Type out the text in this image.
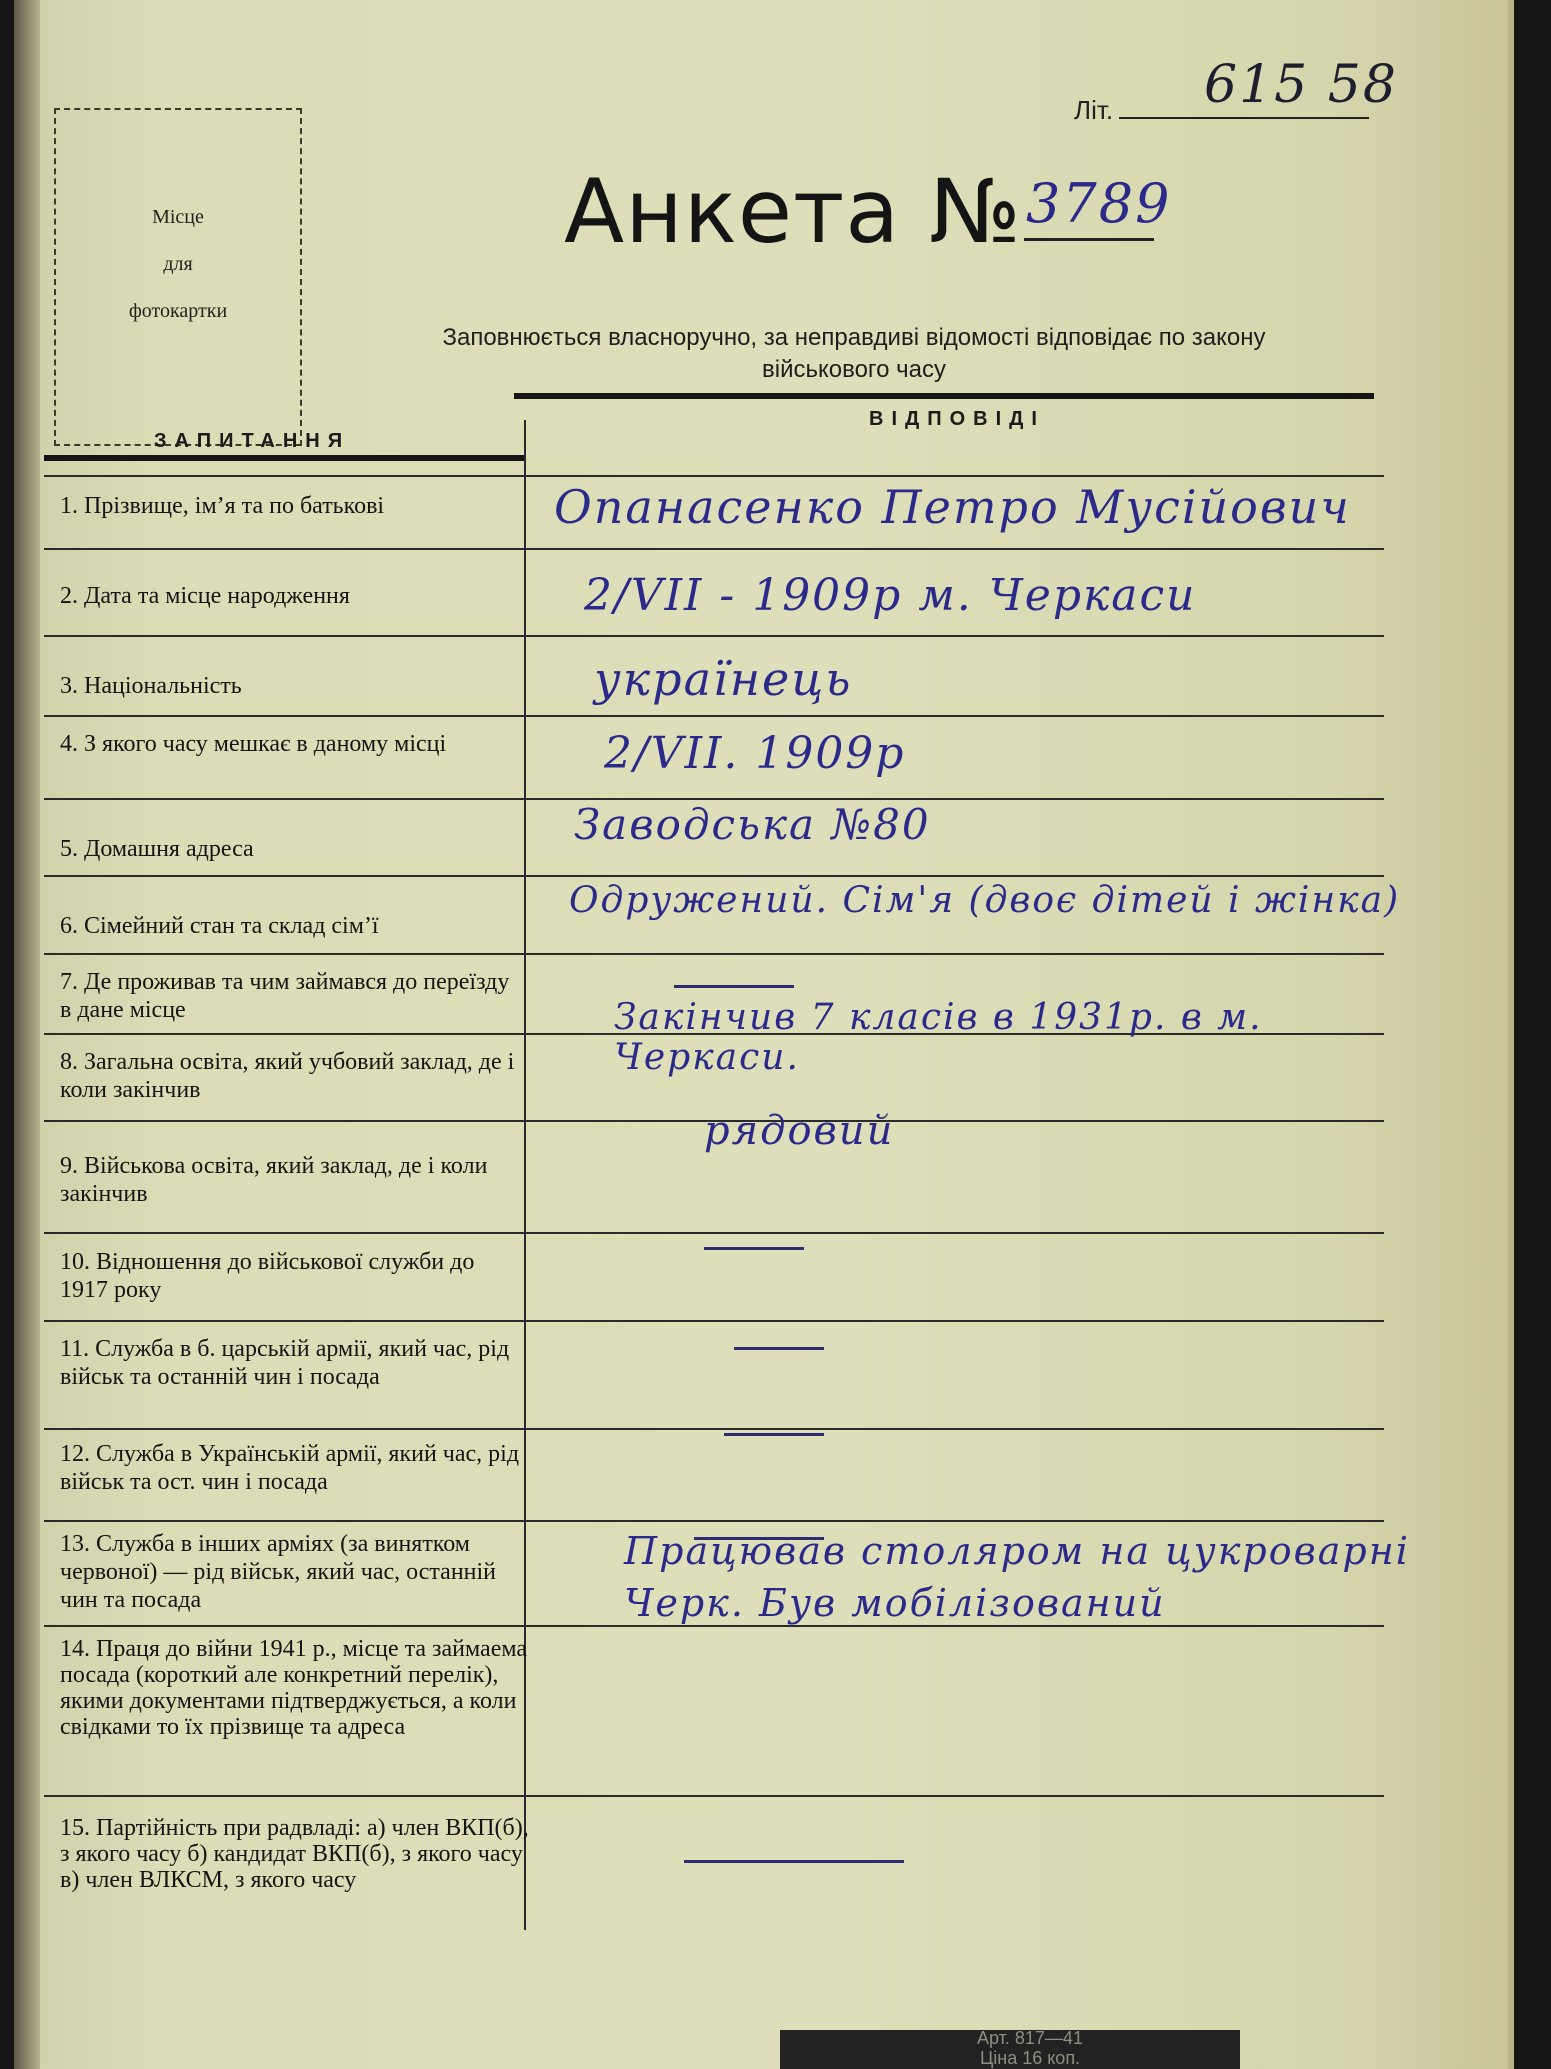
Літ. 615 58
Місце
для
фотокартки
Анкета № 3789
Заповнюється власноручно, за неправдиві відомості відповідає по закону
військового часу
ЗАПИТАННЯ
ВІДПОВІДІ
1. Прізвище, ім’я та по батькові
2. Дата та місце народження
3. Національність
4. З якого часу мешкає в даному місці
5. Домашня адреса
6. Сімейний стан та склад сім’ї
7. Де проживав та чим займався до переїзду в дане місце
8. Загальна освіта, який учбовий заклад, де і коли закінчив
9. Військова освіта, який заклад, де і коли закінчив
10. Відношення до військової служби до 1917 року
11. Служба в б. царській армії, який час, рід військ та останній чин і посада
12. Служба в Українській армії, який час, рід військ та ост. чин і посада
13. Служба в інших арміях (за винятком червоної) — рід військ, який час, останній чин та посада
14. Праця до війни 1941 р., місце та займаема посада (короткий але конкретний перелік), якими документами підтверджується, а коли свідками то їх прізвище та адреса
15. Партійність при радвладі: а) член ВКП(б), з якого часу б) кандидат ВКП(б), з якого часу в) член ВЛКСМ, з якого часу
Опанасенко Петро Мусійович
2/VII - 1909р м. Черкаси
українець
2/VII. 1909р
Заводська №80
Одружений. Сім'я (двоє дітей і жінка)
Закінчив 7 класів в 1931р. в м. Черкаси.
рядовий
Працював столяром на цукроварні Черк. Був мобілізований
Арт. 817—41
Ціна 16 коп.
